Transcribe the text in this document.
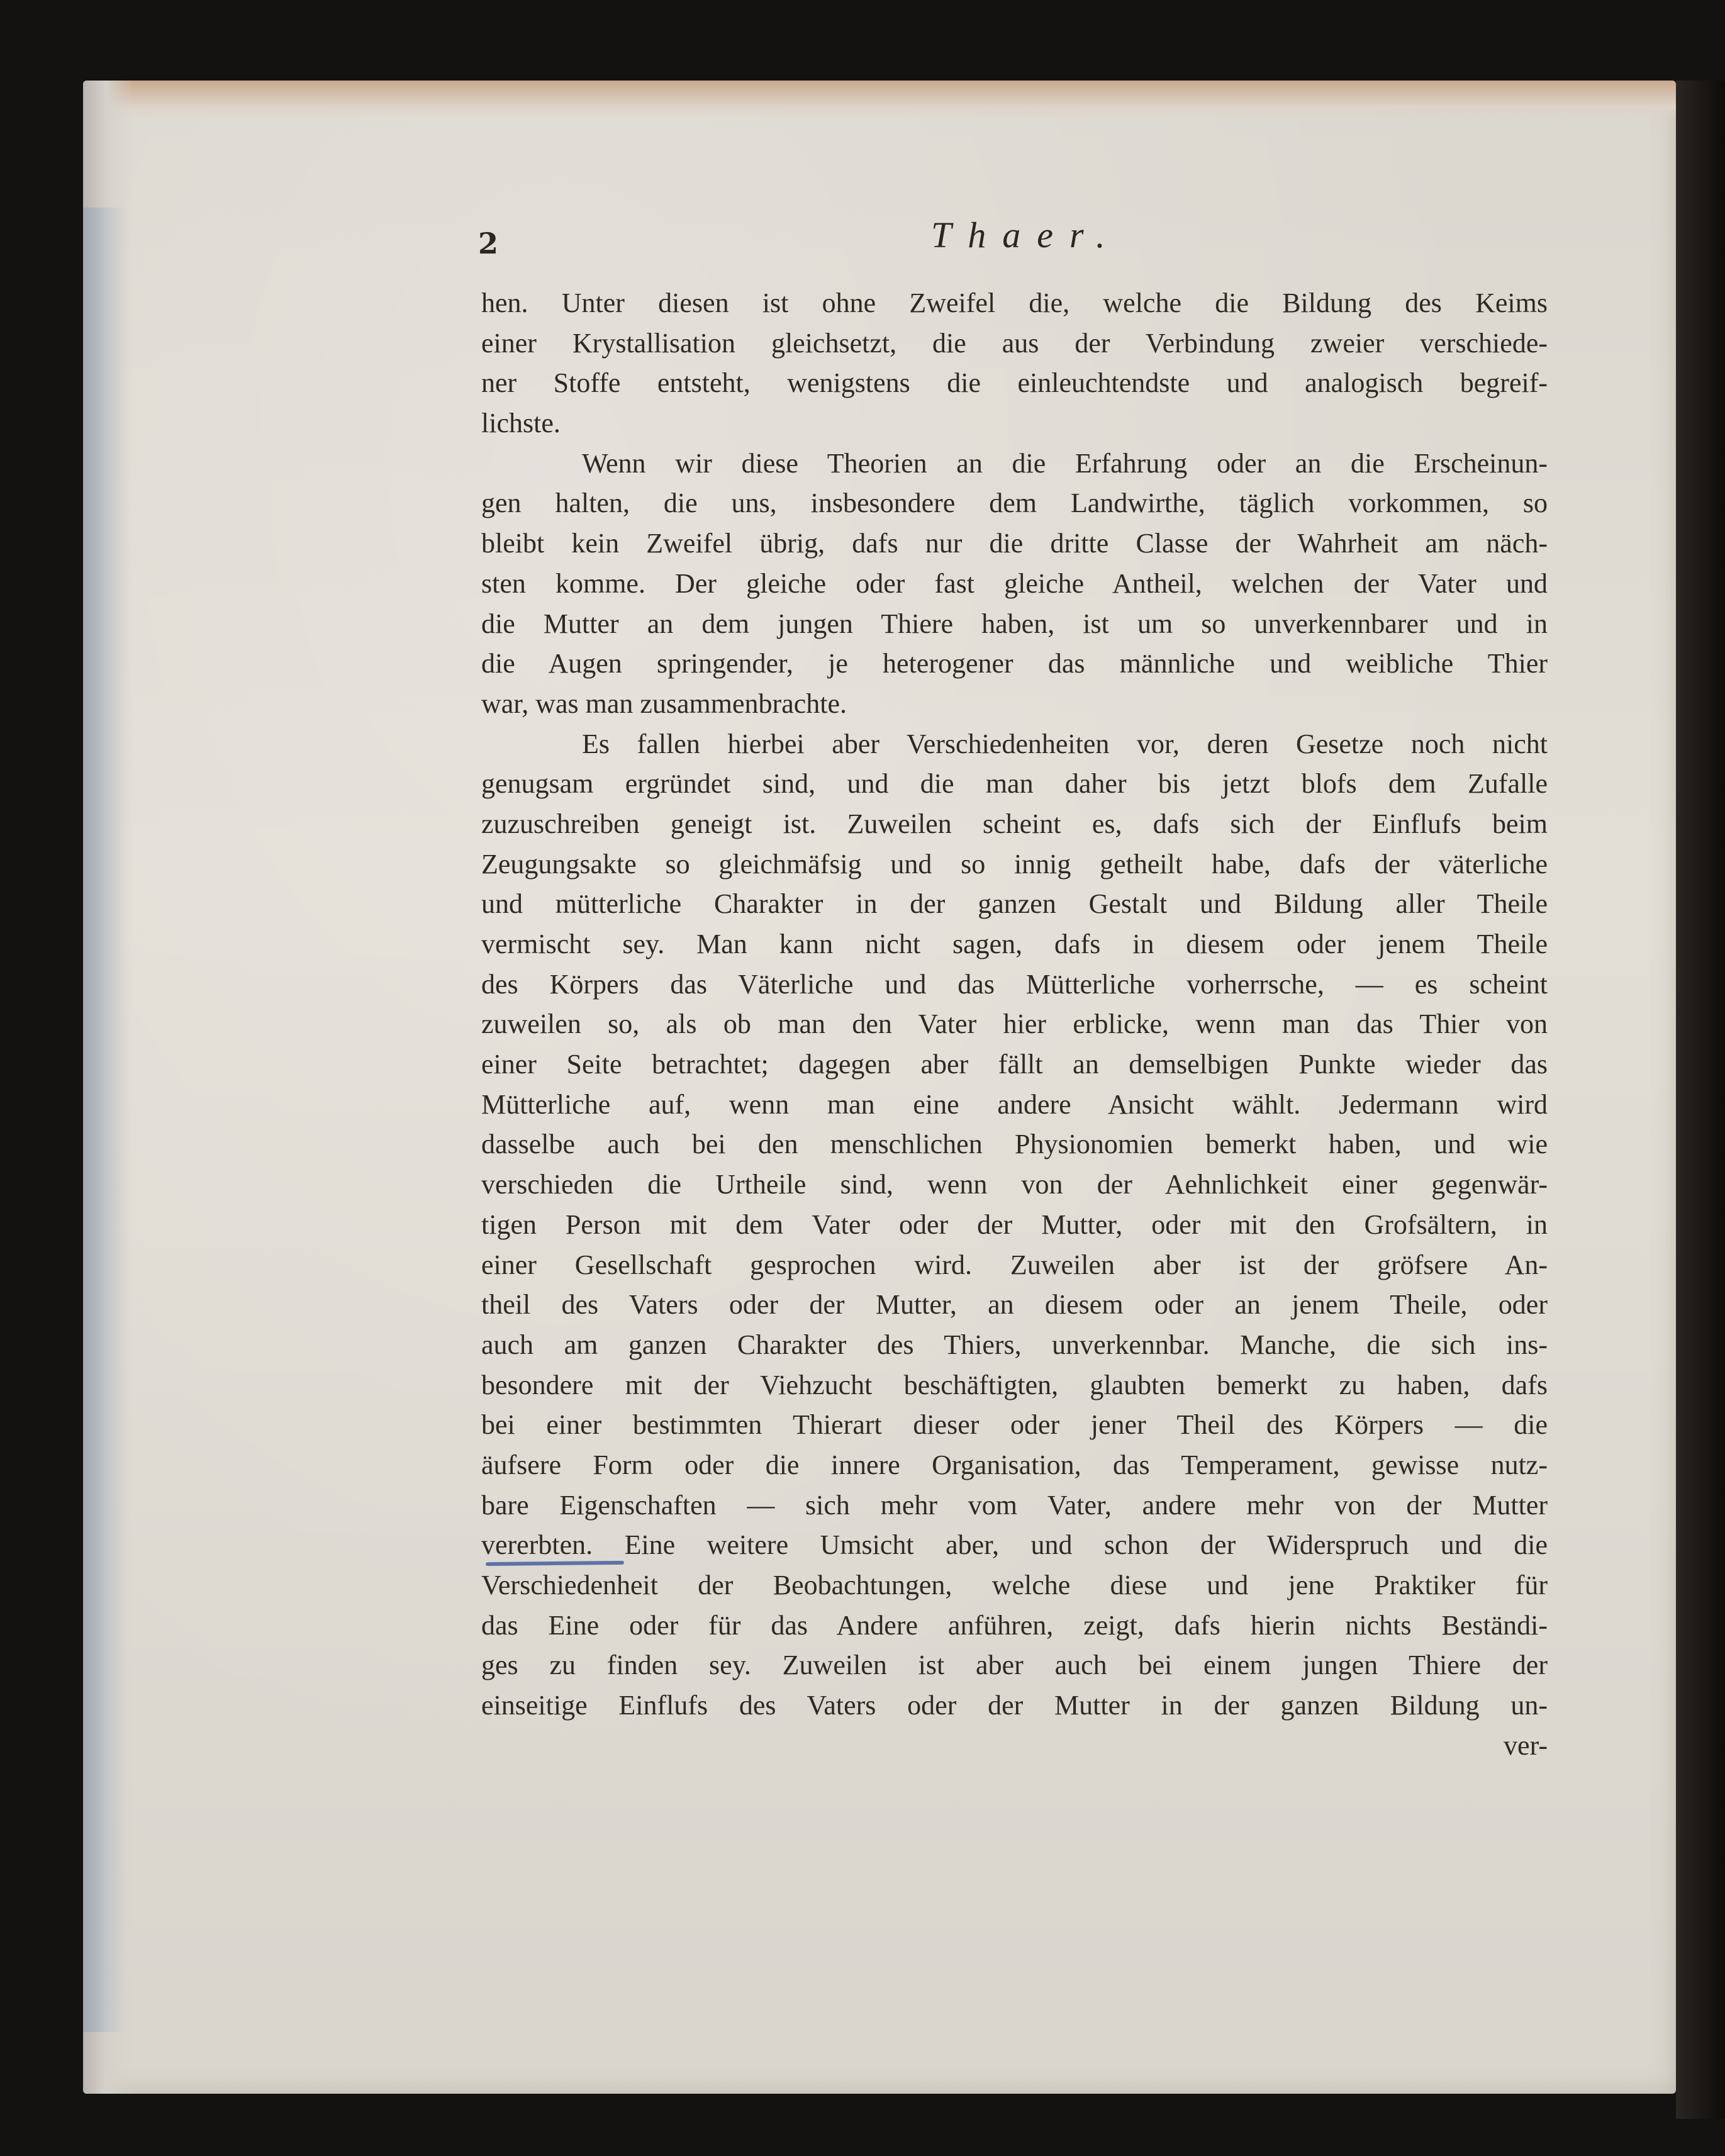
2	Thaer.
hen. Unter diesen ist ohne Zweifel die, welche die Bildung des Keims
einer Krystallisation gleichsetzt, die aus der Verbindung zweier verschiede-
ner Stoffe entsteht, wenigstens die einleuchtendste und analogisch begreif-
lichste.
Wenn wir diese Theorien an die Erfahrung oder an die Erscheinun-
gen halten, die uns, insbesondere dem Landwirthe, täglich vorkommen, so
bleibt kein Zweifel übrig, dafs nur die dritte Classe der Wahrheit am näch-
sten komme. Der gleiche oder fast gleiche Antheil, welchen der Vater und
die Mutter an dem jungen Thiere haben, ist um so unverkennbarer und in
die Augen springender, je heterogener das männliche und weibliche Thier
war, was man zusammenbrachte.
Es fallen hierbei aber Verschiedenheiten vor, deren Gesetze noch nicht
genugsam ergründet sind, und die man daher bis jetzt blofs dem Zufalle
zuzuschreiben geneigt ist. Zuweilen scheint es, dafs sich der Einflufs beim
Zeugungsakte so gleichmäfsig und so innig getheilt habe, dafs der väterliche
und mütterliche Charakter in der ganzen Gestalt und Bildung aller Theile
vermischt sey. Man kann nicht sagen, dafs in diesem oder jenem Theile
des Körpers das Väterliche und das Mütterliche vorherrsche, — es scheint
zuweilen so, als ob man den Vater hier erblicke, wenn man das Thier von
einer Seite betrachtet; dagegen aber fällt an demselbigen Punkte wieder das
Mütterliche auf, wenn man eine andere Ansicht wählt. Jedermann wird
dasselbe auch bei den menschlichen Physionomien bemerkt haben, und wie
verschieden die Urtheile sind, wenn von der Aehnlichkeit einer gegenwär-
tigen Person mit dem Vater oder der Mutter, oder mit den Grofsältern, in
einer Gesellschaft gesprochen wird. Zuweilen aber ist der gröfsere An-
theil des Vaters oder der Mutter, an diesem oder an jenem Theile, oder
auch am ganzen Charakter des Thiers, unverkennbar. Manche, die sich ins-
besondere mit der Viehzucht beschäftigten, glaubten bemerkt zu haben, dafs
bei einer bestimmten Thierart dieser oder jener Theil des Körpers — die
äufsere Form oder die innere Organisation, das Temperament, gewisse nutz-
bare Eigenschaften — sich mehr vom Vater, andere mehr von der Mutter
vererbten. Eine weitere Umsicht aber, und schon der Widerspruch und die
Verschiedenheit der Beobachtungen, welche diese und jene Praktiker für
das Eine oder für das Andere anführen, zeigt, dafs hierin nichts Beständi-
ges zu finden sey. Zuweilen ist aber auch bei einem jungen Thiere der
einseitige Einflufs des Vaters oder der Mutter in der ganzen Bildung un-
ver-
